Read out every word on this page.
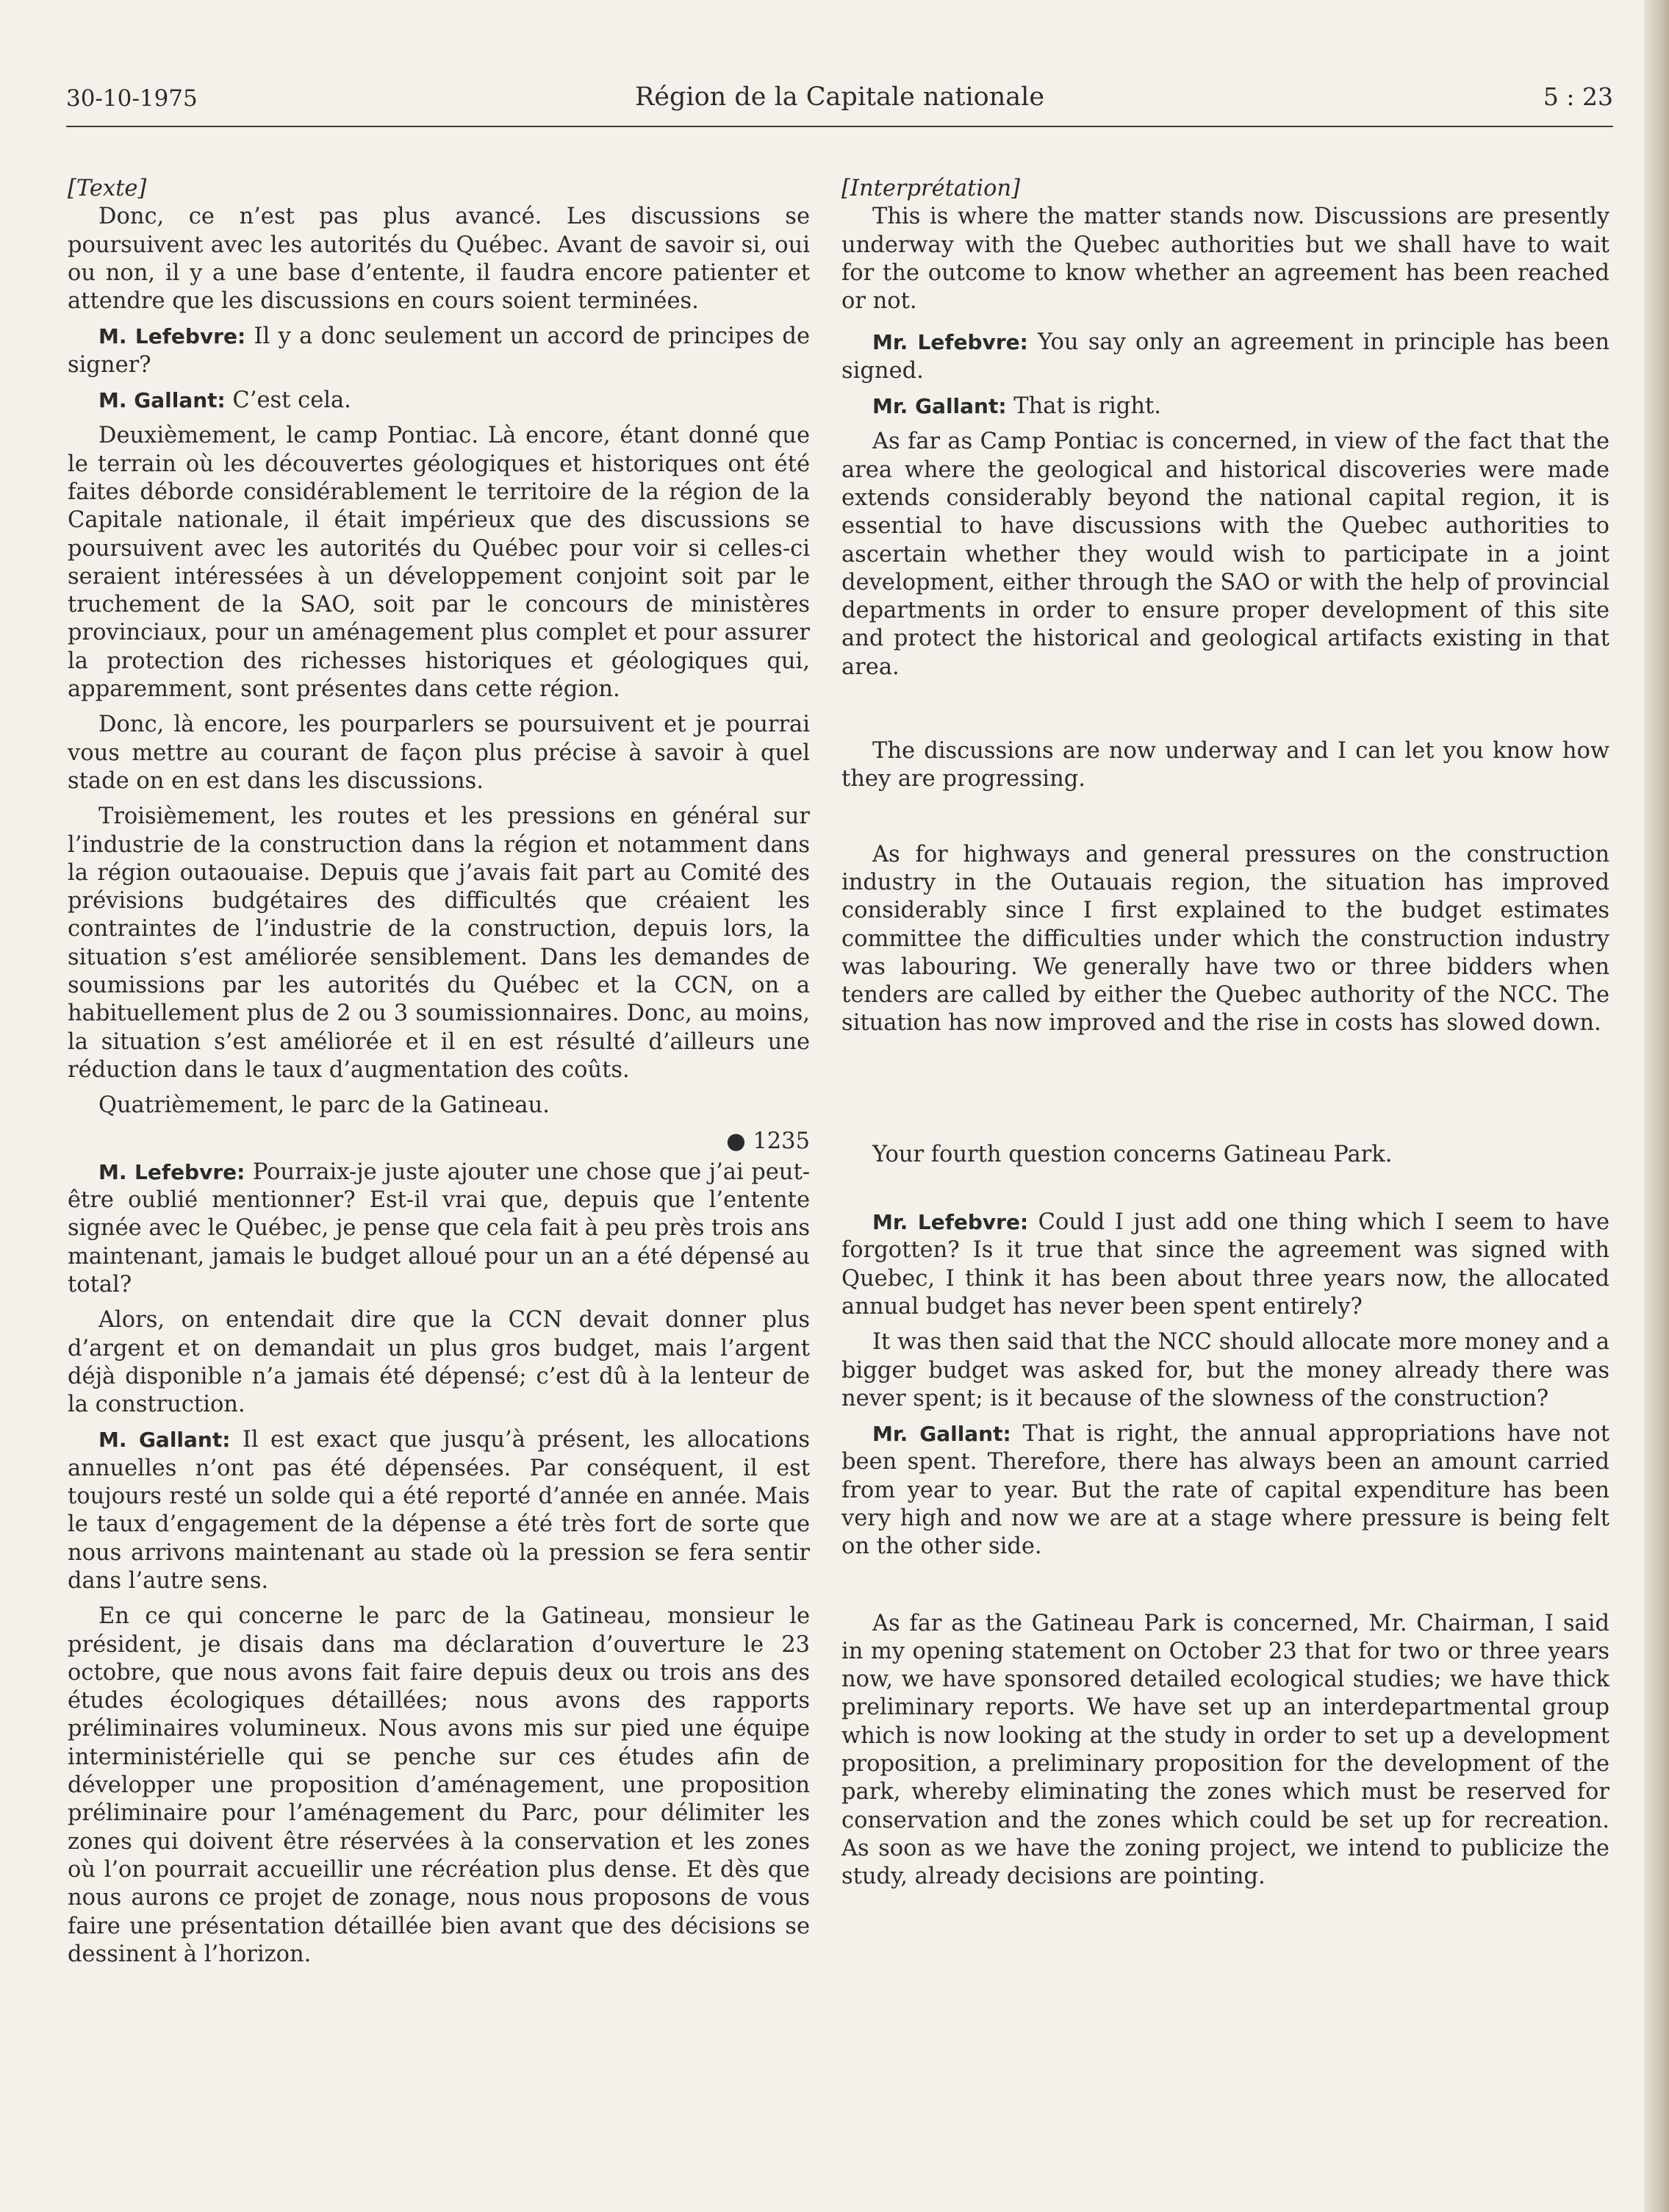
30-10-1975	Région de la Capitale nationale	5 : 23

[Texte]

Donc, ce n’est pas plus avancé. Les discussions se poursuivent avec les autorités du Québec. Avant de savoir si, oui ou non, il y a une base d’entente, il faudra encore patienter et attendre que les discussions en cours soient terminées.

M. Lefebvre: Il y a donc seulement un accord de principes de signer?

M. Gallant: C’est cela.

Deuxièmement, le camp Pontiac. Là encore, étant donné que le terrain où les découvertes géologiques et historiques ont été faites déborde considérablement le territoire de la région de la Capitale nationale, il était impérieux que des discussions se poursuivent avec les autorités du Québec pour voir si celles-ci seraient intéressées à un développement conjoint soit par le truchement de la SAO, soit par le concours de ministères provinciaux, pour un aménagement plus complet et pour assurer la protection des richesses historiques et géologiques qui, apparemment, sont présentes dans cette région.

Donc, là encore, les pourparlers se poursuivent et je pourrai vous mettre au courant de façon plus précise à savoir à quel stade on en est dans les discussions.

Troisièmement, les routes et les pressions en général sur l’industrie de la construction dans la région et notamment dans la région outaouaise. Depuis que j’avais fait part au Comité des prévisions budgétaires des difficultés que créaient les contraintes de l’industrie de la construction, depuis lors, la situation s’est améliorée sensiblement. Dans les demandes de soumissions par les autorités du Québec et la CCN, on a habituellement plus de 2 ou 3 soumissionnaires. Donc, au moins, la situation s’est améliorée et il en est résulté d’ailleurs une réduction dans le taux d’augmentation des coûts.

Quatrièmement, le parc de la Gatineau.

● 1235

M. Lefebvre: Pourraix-je juste ajouter une chose que j’ai peut-être oublié mentionner? Est-il vrai que, depuis que l’entente signée avec le Québec, je pense que cela fait à peu près trois ans maintenant, jamais le budget alloué pour un an a été dépensé au total?

Alors, on entendait dire que la CCN devait donner plus d’argent et on demandait un plus gros budget, mais l’argent déjà disponible n’a jamais été dépensé; c’est dû à la lenteur de la construction.

M. Gallant: Il est exact que jusqu’à présent, les allocations annuelles n’ont pas été dépensées. Par conséquent, il est toujours resté un solde qui a été reporté d’année en année. Mais le taux d’engagement de la dépense a été très fort de sorte que nous arrivons maintenant au stade où la pression se fera sentir dans l’autre sens.

En ce qui concerne le parc de la Gatineau, monsieur le président, je disais dans ma déclaration d’ouverture le 23 octobre, que nous avons fait faire depuis deux ou trois ans des études écologiques détaillées; nous avons des rapports préliminaires volumineux. Nous avons mis sur pied une équipe interministérielle qui se penche sur ces études afin de développer une proposition d’aménagement, une proposition préliminaire pour l’aménagement du Parc, pour délimiter les zones qui doivent être réservées à la conservation et les zones où l’on pourrait accueillir une récréation plus dense. Et dès que nous aurons ce projet de zonage, nous nous proposons de vous faire une présentation détaillée bien avant que des décisions se dessinent à l’horizon.

[Interprétation]

This is where the matter stands now. Discussions are presently underway with the Quebec authorities but we shall have to wait for the outcome to know whether an agreement has been reached or not.

Mr. Lefebvre: You say only an agreement in principle has been signed.

Mr. Gallant: That is right.

As far as Camp Pontiac is concerned, in view of the fact that the area where the geological and historical discoveries were made extends considerably beyond the national capital region, it is essential to have discussions with the Quebec authorities to ascertain whether they would wish to participate in a joint development, either through the SAO or with the help of provincial departments in order to ensure proper development of this site and protect the historical and geological artifacts existing in that area.

The discussions are now underway and I can let you know how they are progressing.

As for highways and general pressures on the construction industry in the Outauais region, the situation has improved considerably since I first explained to the budget estimates committee the difficulties under which the construction industry was labouring. We generally have two or three bidders when tenders are called by either the Quebec authority of the NCC. The situation has now improved and the rise in costs has slowed down.

Your fourth question concerns Gatineau Park.

Mr. Lefebvre: Could I just add one thing which I seem to have forgotten? Is it true that since the agreement was signed with Quebec, I think it has been about three years now, the allocated annual budget has never been spent entirely?

It was then said that the NCC should allocate more money and a bigger budget was asked for, but the money already there was never spent; is it because of the slowness of the construction?

Mr. Gallant: That is right, the annual appropriations have not been spent. Therefore, there has always been an amount carried from year to year. But the rate of capital expenditure has been very high and now we are at a stage where pressure is being felt on the other side.

As far as the Gatineau Park is concerned, Mr. Chairman, I said in my opening statement on October 23 that for two or three years now, we have sponsored detailed ecological studies; we have thick preliminary reports. We have set up an interdepartmental group which is now looking at the study in order to set up a development proposition, a preliminary proposition for the development of the park, whereby eliminating the zones which must be reserved for conservation and the zones which could be set up for recreation. As soon as we have the zoning project, we intend to publicize the study, already decisions are pointing.
